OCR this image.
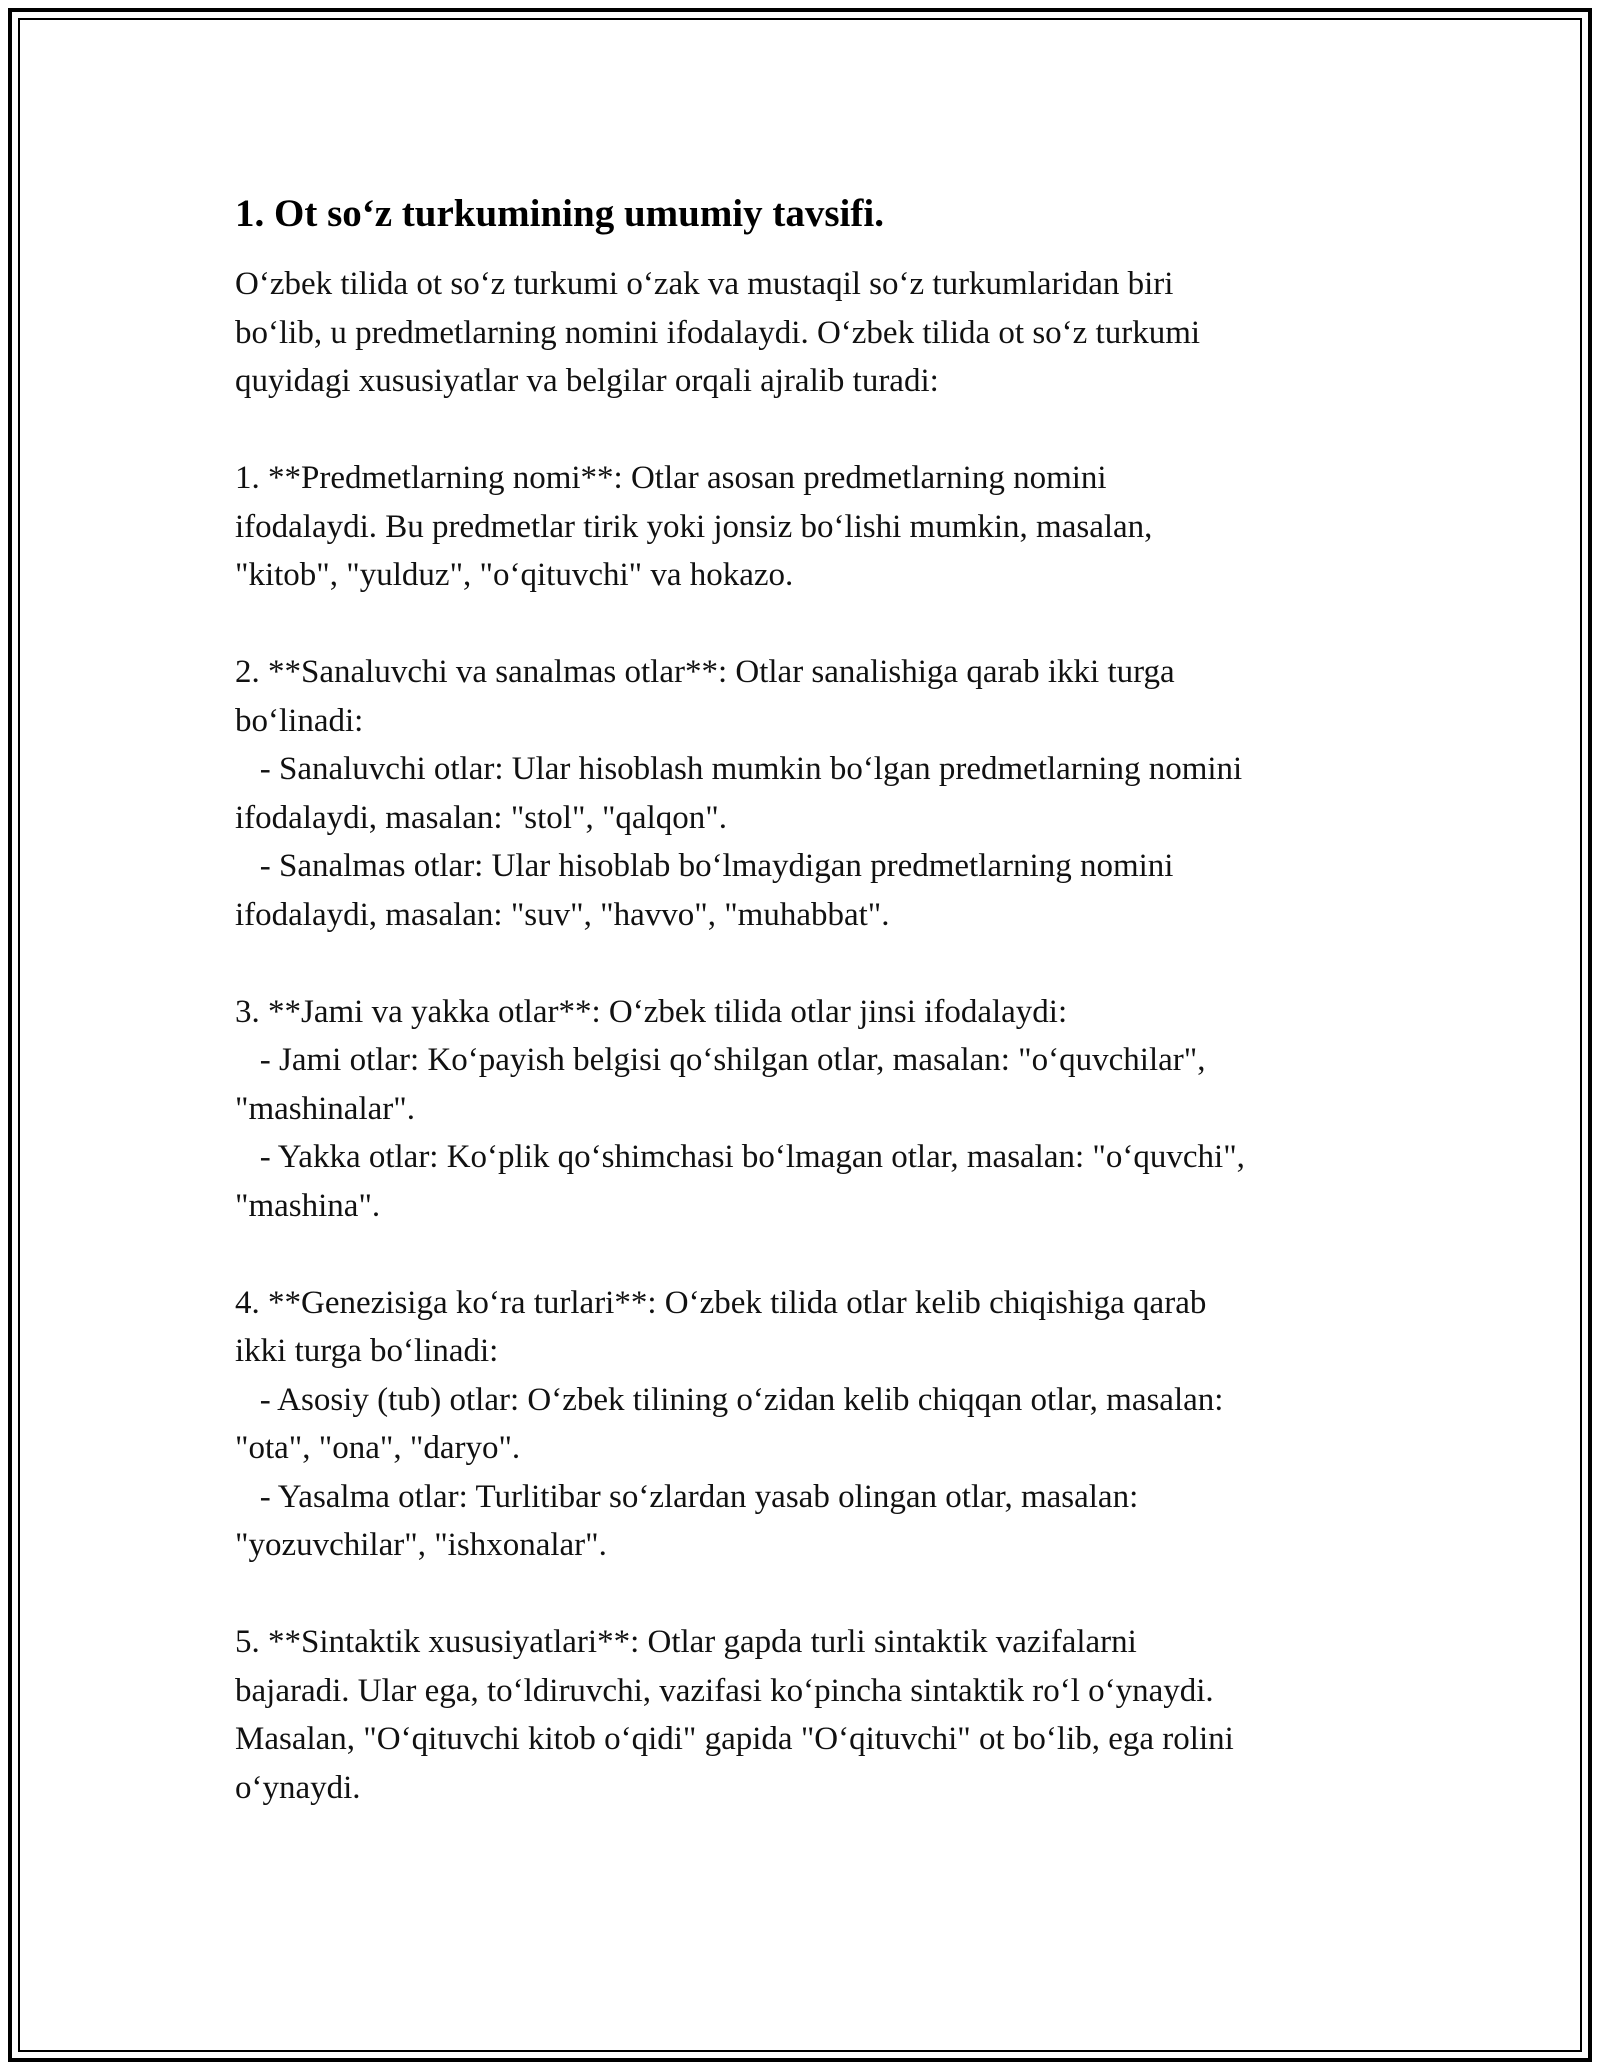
1. Ot so‘z turkumining umumiy tavsifi.
O‘zbek tilida ot so‘z turkumi o‘zak va mustaqil so‘z turkumlaridan biri
bo‘lib, u predmetlarning nomini ifodalaydi. O‘zbek tilida ot so‘z turkumi
quyidagi xususiyatlar va belgilar orqali ajralib turadi:
1. **Predmetlarning nomi**: Otlar asosan predmetlarning nomini
ifodalaydi. Bu predmetlar tirik yoki jonsiz bo‘lishi mumkin, masalan,
"kitob", "yulduz", "o‘qituvchi" va hokazo.
2. **Sanaluvchi va sanalmas otlar**: Otlar sanalishiga qarab ikki turga
bo‘linadi:
- Sanaluvchi otlar: Ular hisoblash mumkin bo‘lgan predmetlarning nomini
ifodalaydi, masalan: "stol", "qalqon".
- Sanalmas otlar: Ular hisoblab bo‘lmaydigan predmetlarning nomini
ifodalaydi, masalan: "suv", "havvo", "muhabbat".
3. **Jami va yakka otlar**: O‘zbek tilida otlar jinsi ifodalaydi:
- Jami otlar: Ko‘payish belgisi qo‘shilgan otlar, masalan: "o‘quvchilar",
"mashinalar".
- Yakka otlar: Ko‘plik qo‘shimchasi bo‘lmagan otlar, masalan: "o‘quvchi",
"mashina".
4. **Genezisiga ko‘ra turlari**: O‘zbek tilida otlar kelib chiqishiga qarab
ikki turga bo‘linadi:
- Asosiy (tub) otlar: O‘zbek tilining o‘zidan kelib chiqqan otlar, masalan:
"ota", "ona", "daryo".
- Yasalma otlar: Turlitibar so‘zlardan yasab olingan otlar, masalan:
"yozuvchilar", "ishxonalar".
5. **Sintaktik xususiyatlari**: Otlar gapda turli sintaktik vazifalarni
bajaradi. Ular ega, to‘ldiruvchi, vazifasi ko‘pincha sintaktik ro‘l o‘ynaydi.
Masalan, "O‘qituvchi kitob o‘qidi" gapida "O‘qituvchi" ot bo‘lib, ega rolini
o‘ynaydi.
